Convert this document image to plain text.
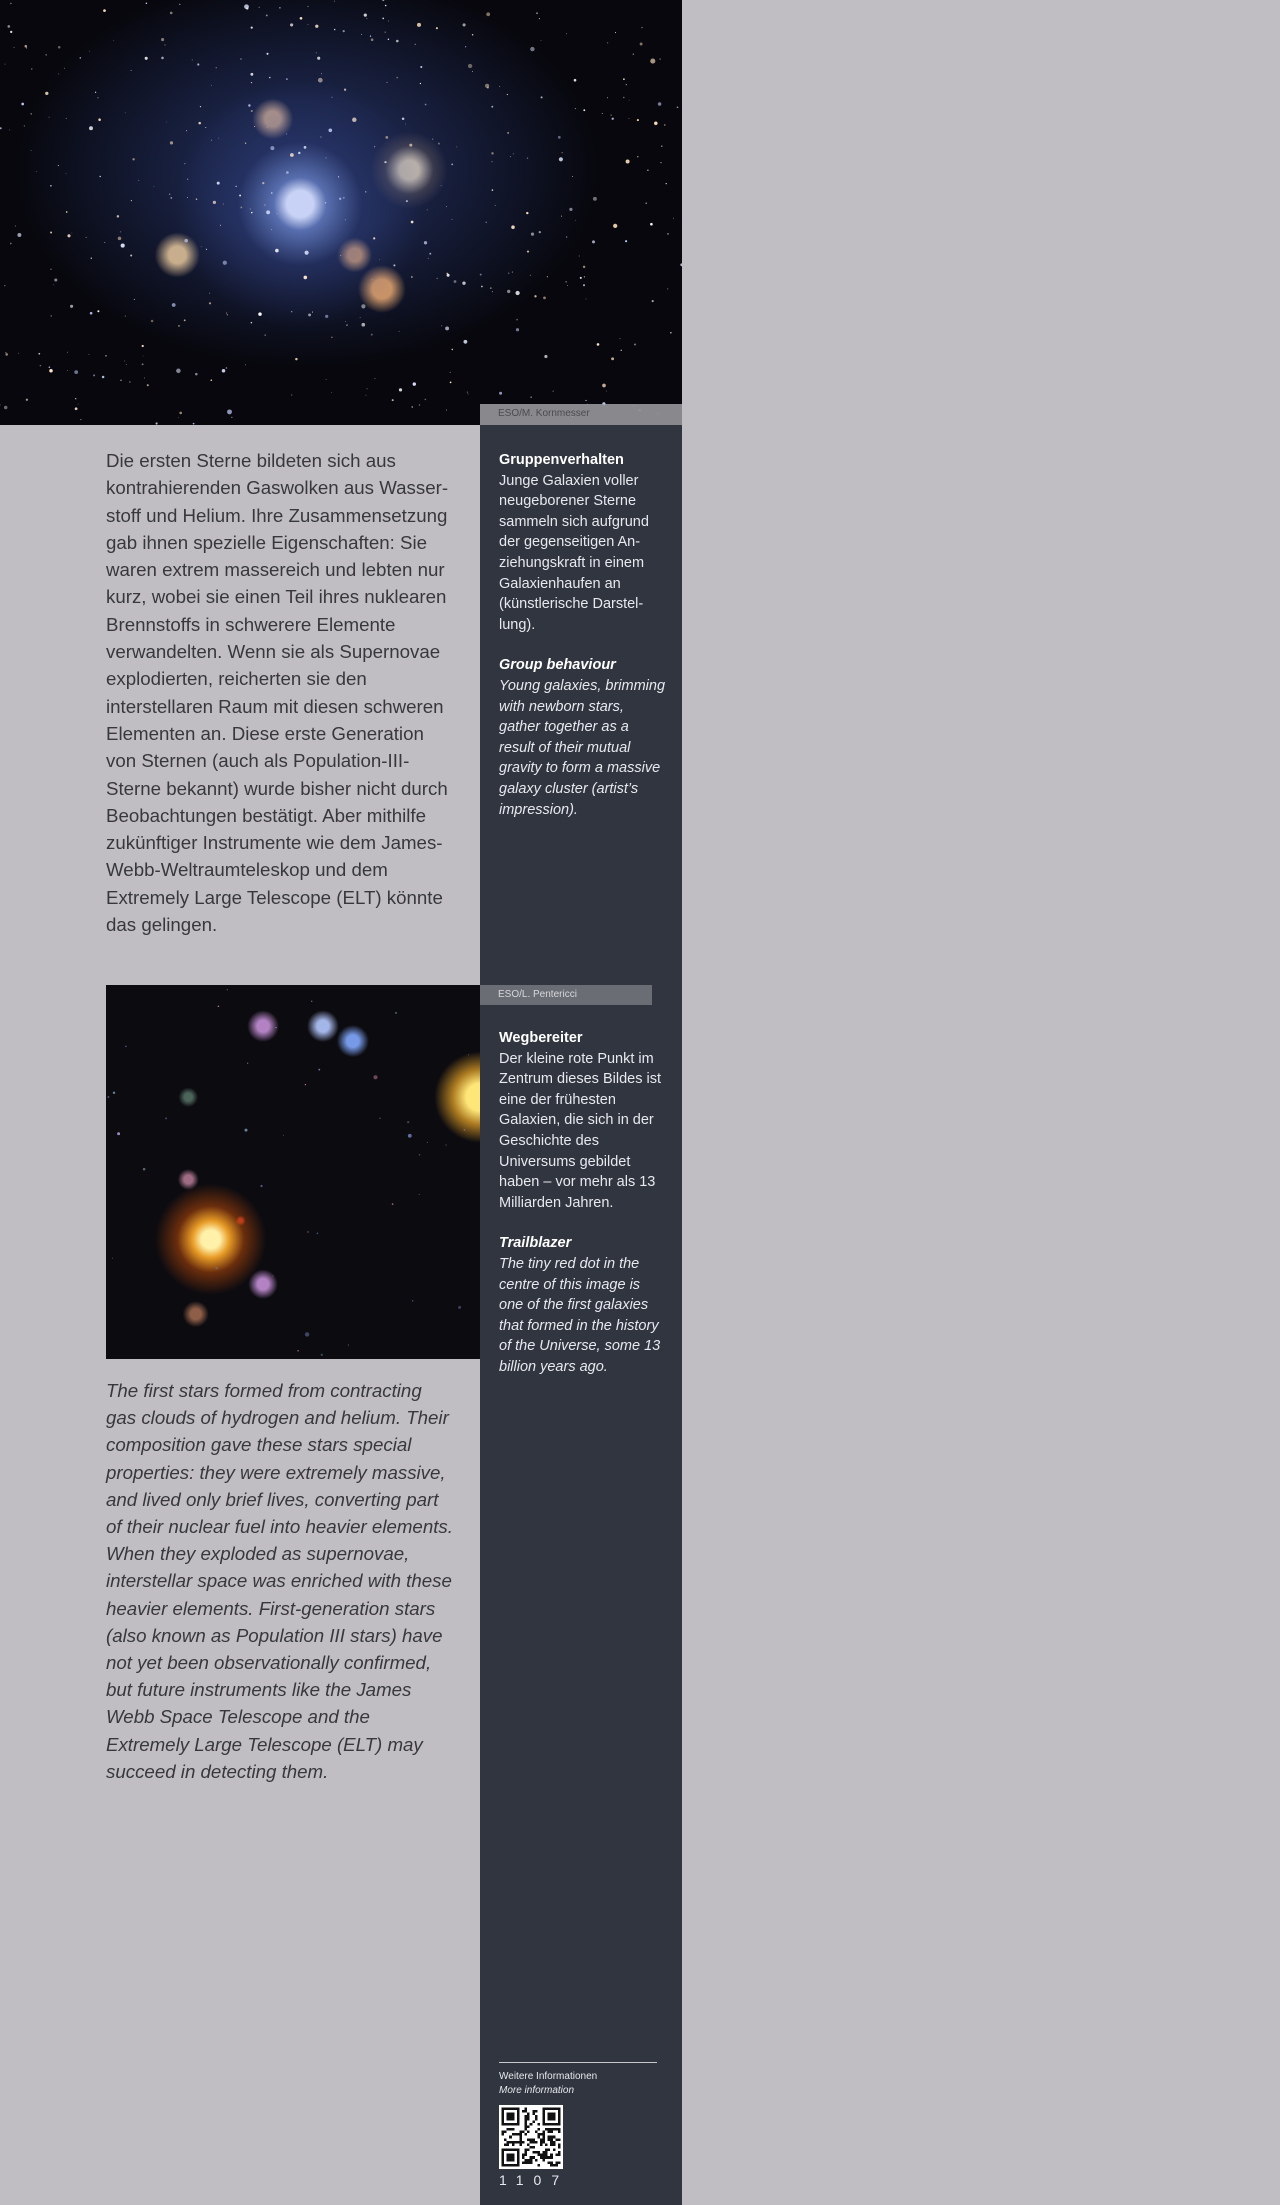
ESO/M. Kornmesser
Die ersten Sterne bildeten sich aus kontrahierenden Gaswolken aus Wasser-stoff und Helium. Ihre Zusammensetzung gab ihnen spezielle Eigenschaften: Sie waren extrem massereich und lebten nur kurz, wobei sie einen Teil ihres nuklearen Brennstoffs in schwerere Elemente verwandelten. Wenn sie als Supernovae explodierten, reicherten sie den interstellaren Raum mit diesen schweren Elementen an. Diese erste Generation von Sternen (auch als Population-III-Sterne bekannt) wurde bisher nicht durch Beobachtungen bestätigt. Aber mithilfe zukünftiger Instrumente wie dem James-Webb-Weltraumteleskop und dem Extremely Large Telescope (ELT) könnte das gelingen.
The first stars formed from contracting gas clouds of hydrogen and helium. Their composition gave these stars special properties: they were extremely massive, and lived only brief lives, converting part of their nuclear fuel into heavier elements. When they exploded as supernovae, interstellar space was enriched with these heavier elements. First-generation stars (also known as Population III stars) have not yet been observationally confirmed, but future instruments like the James Webb Space Telescope and the Extremely Large Telescope (ELT) may succeed in detecting them.
Gruppenverhalten
Junge Galaxien voller neugeborener Sterne sammeln sich aufgrund der gegenseitigen An-ziehungskraft in einem Galaxienhaufen an (künstlerische Darstel-lung).
Group behaviour
Young galaxies, brimming with newborn stars, gather together as a result of their mutual gravity to form a massive galaxy cluster (artist’s impression).
ESO/L. Pentericci
Wegbereiter
Der kleine rote Punkt im Zentrum dieses Bildes ist eine der frühesten Galaxien, die sich in der Geschichte des Universums gebildet haben – vor mehr als 13 Milliarden Jahren.
Trailblazer
The tiny red dot in the centre of this image is one of the first galaxies that formed in the history of the Universe, some 13 billion years ago.
Weitere Informationen
More information
1107
